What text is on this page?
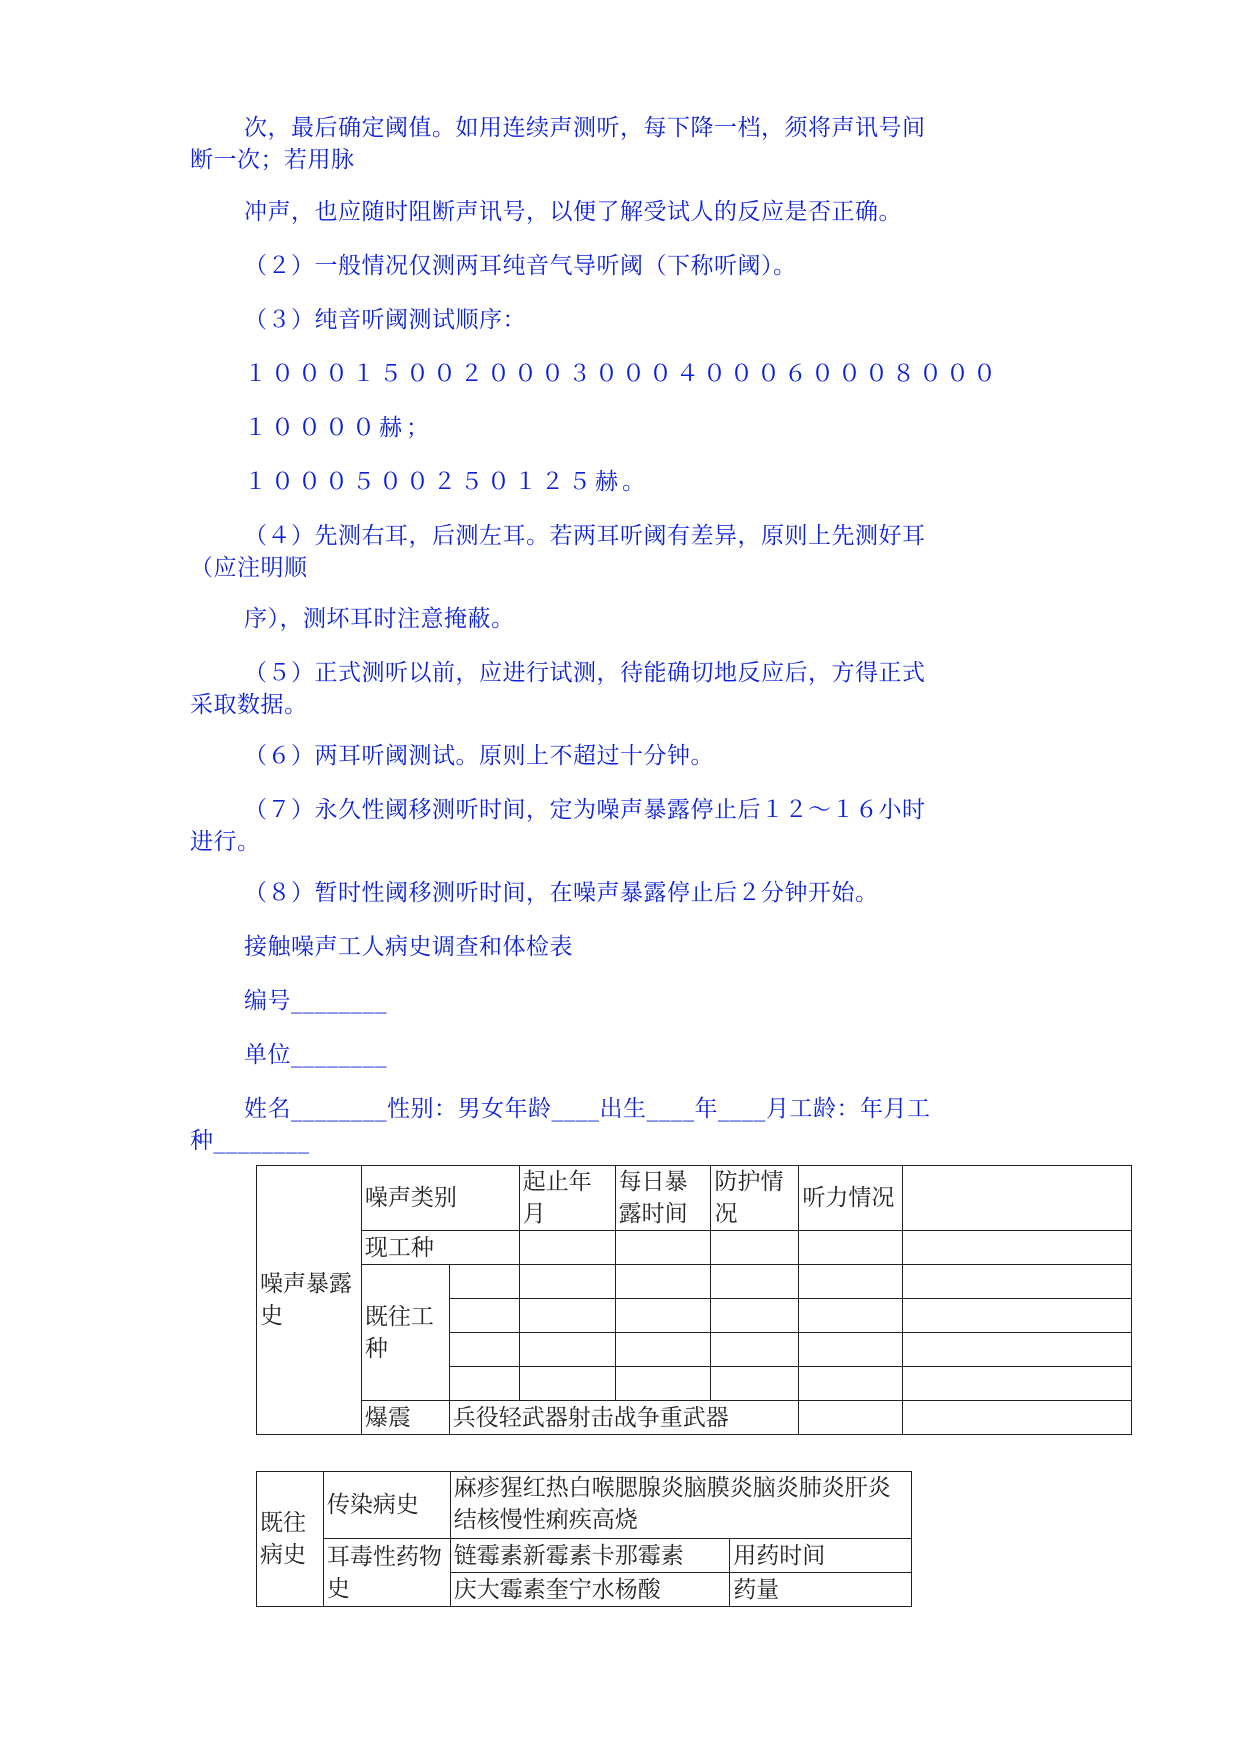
次，最后确定阈值。如用连续声测听，每下降一档，须将声讯号间
断一次；若用脉
冲声，也应随时阻断声讯号，以便了解受试人的反应是否正确。
（２）一般情况仅测两耳纯音气导听阈（下称听阈）。
（３）纯音听阈测试顺序：
１０００１５００２０００３０００４０００６０００８０００
１００００赫；
１０００５００２５０１２５赫。
（４）先测右耳，后测左耳。若两耳听阈有差异，原则上先测好耳
（应注明顺
序），测坏耳时注意掩蔽。
（５）正式测听以前，应进行试测，待能确切地反应后，方得正式
采取数据。
（６）两耳听阈测试。原则上不超过十分钟。
（７）永久性阈移测听时间，定为噪声暴露停止后１２～１６小时
进行。
（８）暂时性阈移测听时间，在噪声暴露停止后２分钟开始。
接触噪声工人病史调查和体检表
编号________
单位________
姓名________性别：男女年龄____出生____年____月工龄：年月工
种________
噪声暴露史	噪声类别		起止年月	每日暴露时间	防护情况	听力情况	
	现工种						
	既往工种						

	爆震	兵役轻武器射击战争重武器					
既往病史	传染病史	麻疹猩红热白喉腮腺炎脑膜炎脑炎肺炎肝炎结核慢性痢疾高烧	
	耳毒性药物史	链霉素新霉素卡那霉素	用药时间
		庆大霉素奎宁水杨酸	药量
